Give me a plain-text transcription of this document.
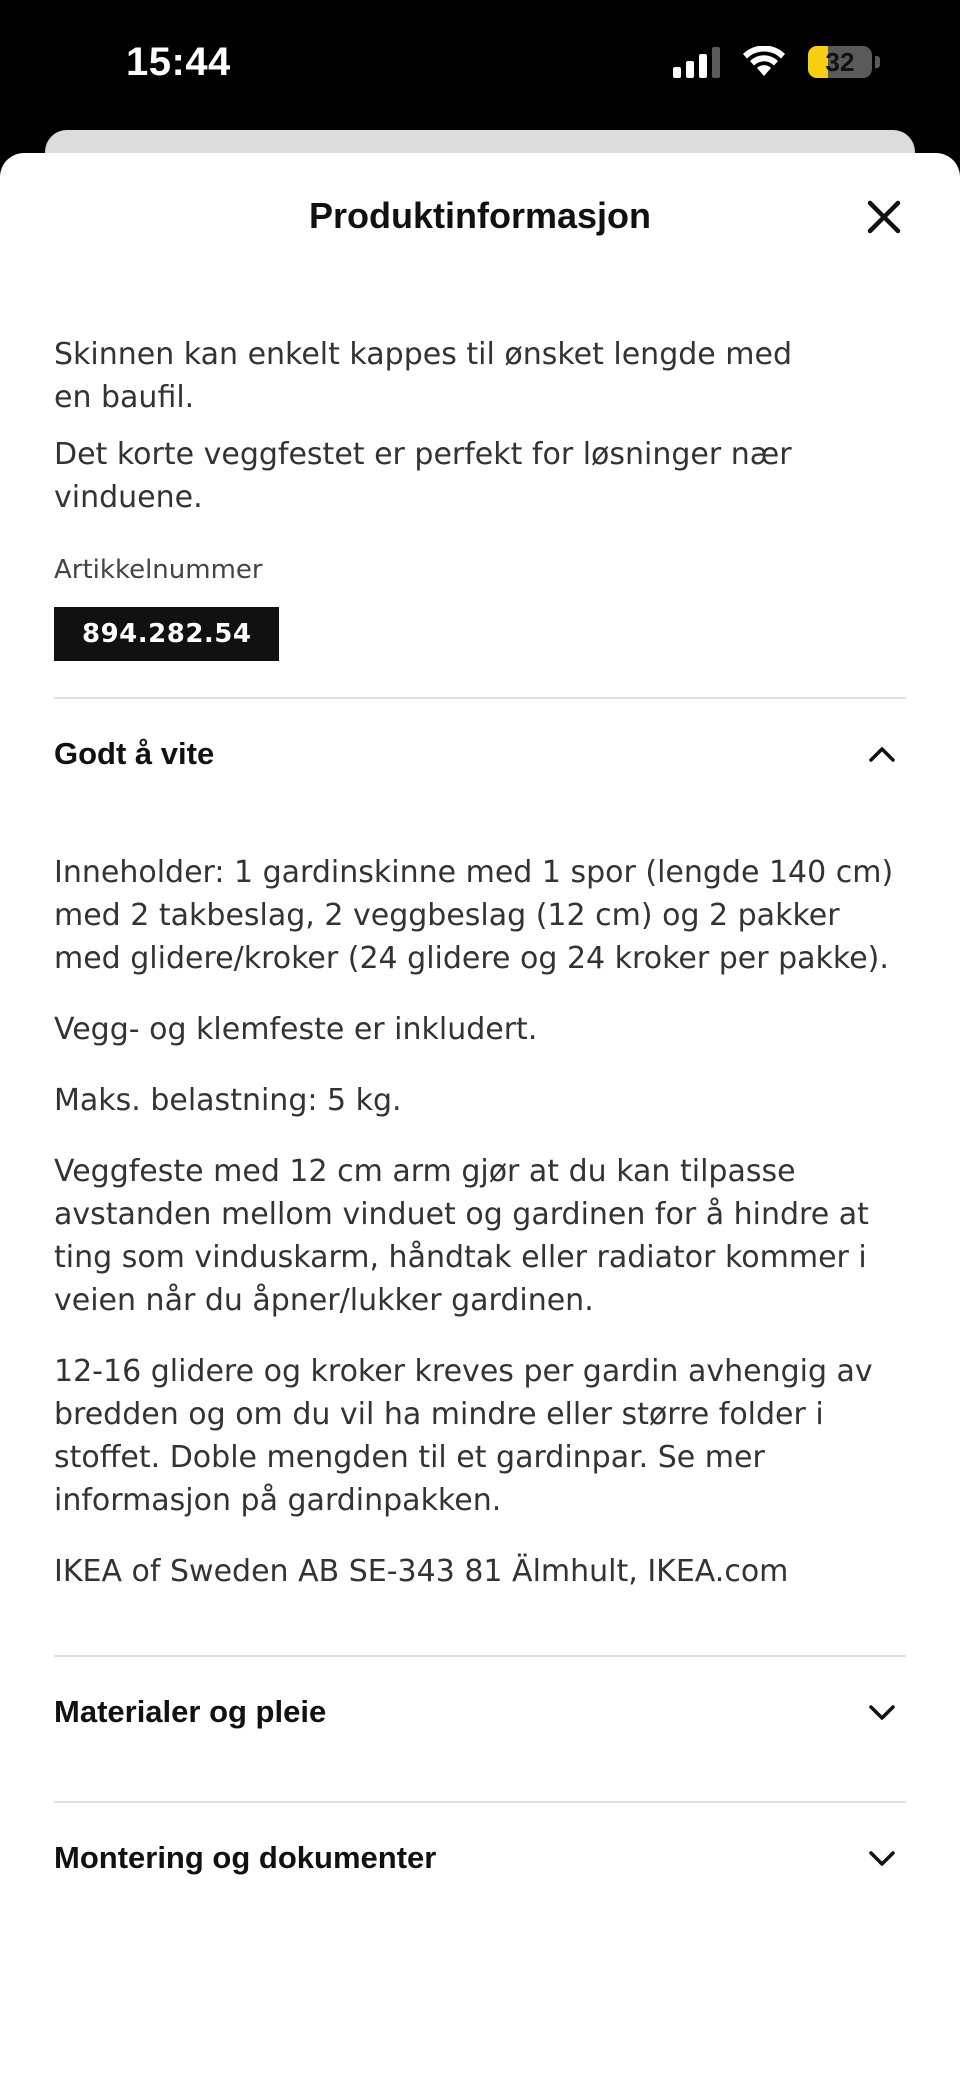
15:44	32
Produktinformasjon

Skinnen kan enkelt kappes til ønsket lengde med en baufil.

Det korte veggfestet er perfekt for løsninger nær vinduene.

Artikkelnummer
894.282.54
Godt å vite

Inneholder: 1 gardinskinne med 1 spor (lengde 140 cm) med 2 takbeslag, 2 veggbeslag (12 cm) og 2 pakker med glidere/kroker (24 glidere og 24 kroker per pakke).

Vegg- og klemfeste er inkludert.

Maks. belastning: 5 kg.

Veggfeste med 12 cm arm gjør at du kan tilpasse avstanden mellom vinduet og gardinen for å hindre at ting som vinduskarm, håndtak eller radiator kommer i veien når du åpner/lukker gardinen.

12-16 glidere og kroker kreves per gardin avhengig av bredden og om du vil ha mindre eller større folder i stoffet. Doble mengden til et gardinpar. Se mer informasjon på gardinpakken.

IKEA of Sweden AB SE-343 81 Älmhult, IKEA.com

Materialer og pleie
Montering og dokumenter
